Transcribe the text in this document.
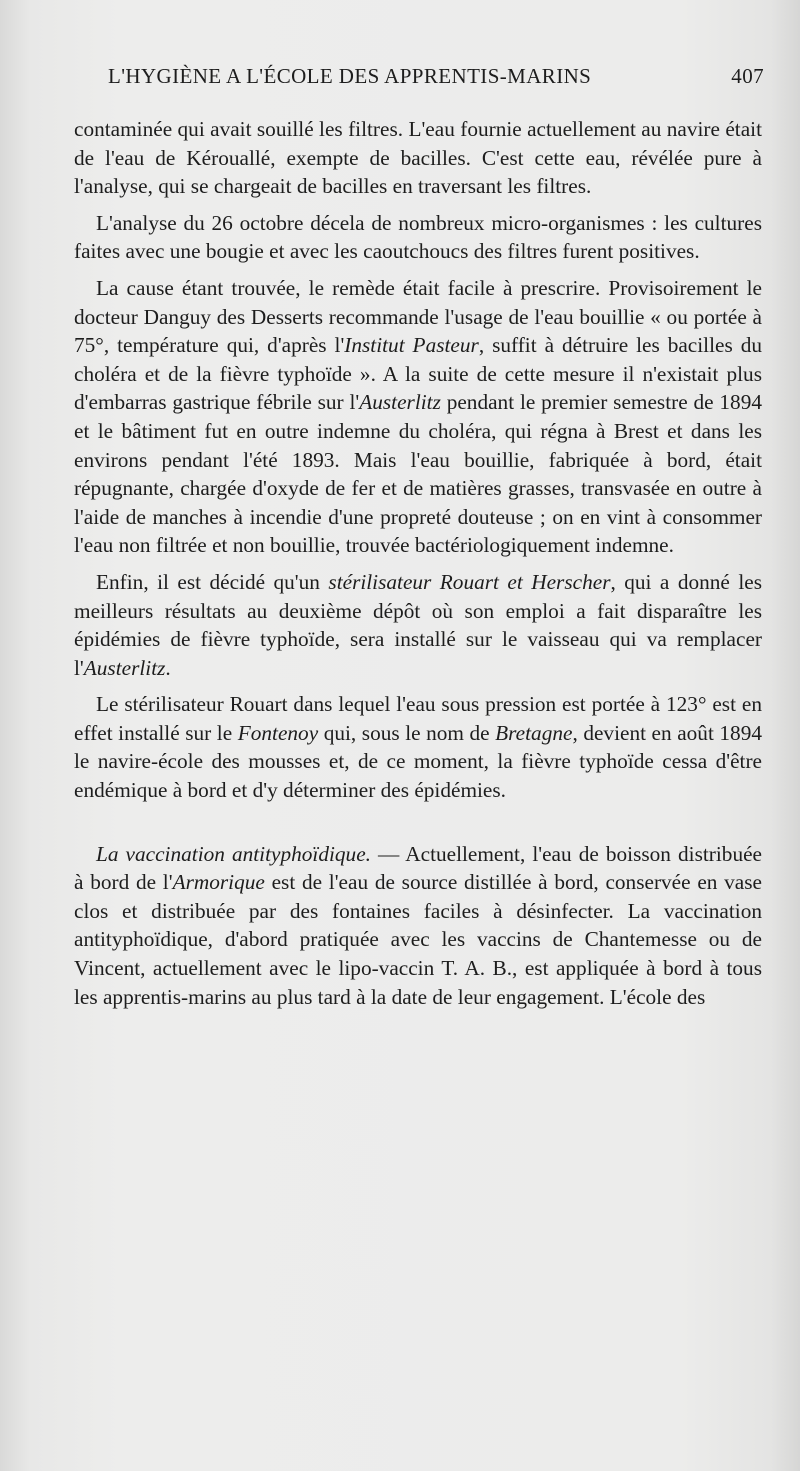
L'HYGIÈNE A L'ÉCOLE DES APPRENTIS-MARINS	407

contaminée qui avait souillé les filtres. L'eau fournie actuellement au navire était de l'eau de Kérouallé, exempte de bacilles. C'est cette eau, révélée pure à l'analyse, qui se chargeait de bacilles en traversant les filtres.

L'analyse du 26 octobre décela de nombreux micro-organismes : les cultures faites avec une bougie et avec les caoutchoucs des filtres furent positives.

La cause étant trouvée, le remède était facile à prescrire. Provisoirement le docteur Danguy des Desserts recommande l'usage de l'eau bouillie « ou portée à 75°, température qui, d'après l'Institut Pasteur, suffit à détruire les bacilles du choléra et de la fièvre typhoïde ». A la suite de cette mesure il n'existait plus d'embarras gastrique fébrile sur l'Austerlitz pendant le premier semestre de 1894 et le bâtiment fut en outre indemne du choléra, qui régna à Brest et dans les environs pendant l'été 1893. Mais l'eau bouillie, fabriquée à bord, était répugnante, chargée d'oxyde de fer et de matières grasses, transvasée en outre à l'aide de manches à incendie d'une propreté douteuse ; on en vint à consommer l'eau non filtrée et non bouillie, trouvée bactériologiquement indemne.

Enfin, il est décidé qu'un stérilisateur Rouart et Herscher, qui a donné les meilleurs résultats au deuxième dépôt où son emploi a fait disparaître les épidémies de fièvre typhoïde, sera installé sur le vaisseau qui va remplacer l'Austerlitz.

Le stérilisateur Rouart dans lequel l'eau sous pression est portée à 123° est en effet installé sur le Fontenoy qui, sous le nom de Bretagne, devient en août 1894 le navire-école des mousses et, de ce moment, la fièvre typhoïde cessa d'être endémique à bord et d'y déterminer des épidémies.

La vaccination antityphoïdique. — Actuellement, l'eau de boisson distribuée à bord de l'Armorique est de l'eau de source distillée à bord, conservée en vase clos et distribuée par des fontaines faciles à désinfecter. La vaccination antityphoïdique, d'abord pratiquée avec les vaccins de Chantemesse ou de Vincent, actuellement avec le lipo-vaccin T. A. B., est appliquée à bord à tous les apprentis-marins au plus tard à la date de leur engagement. L'école des
